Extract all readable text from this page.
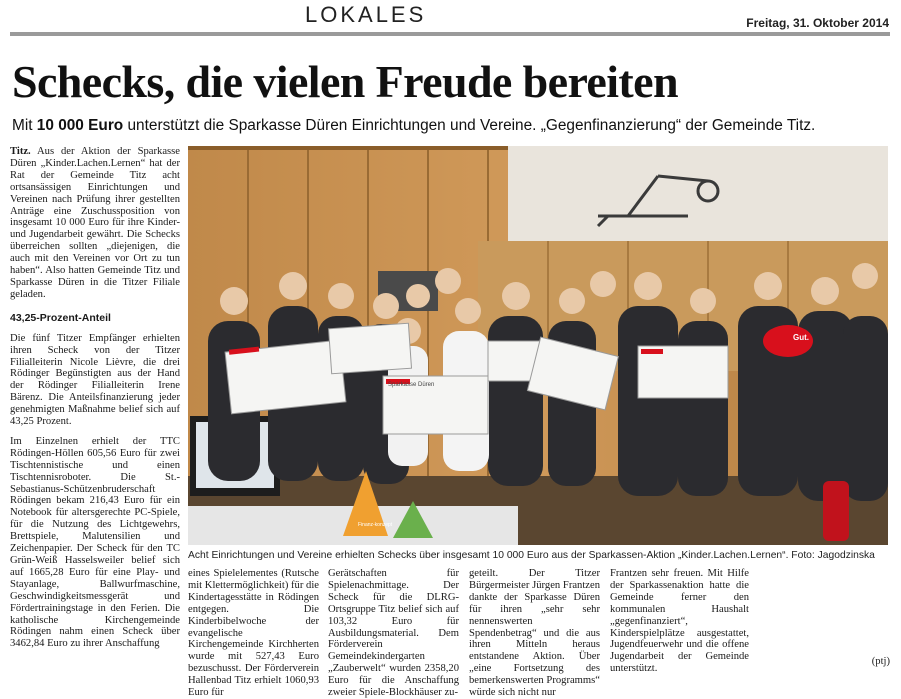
LOKALES	Freitag, 31. Oktober 2014
Schecks, die vielen Freude bereiten
Mit 10 000 Euro unterstützt die Sparkasse Düren Einrichtungen und Vereine. „Gegenfinanzierung“ der Gemeinde Titz.

Titz. Aus der Aktion der Sparkasse Düren „Kinder.Lachen.Lernen“ hat der Rat der Gemeinde Titz acht ortsansässigen Einrichtungen und Vereinen nach Prüfung ihrer gestellten Anträge eine Zuschussposition von insgesamt 10 000 Euro für ihre Kinder- und Jugendarbeit gewährt. Die Schecks überreichen sollten „diejenigen, die auch mit den Vereinen vor Ort zu tun haben“. Also hatten Gemeinde Titz und Sparkasse Düren in die Titzer Filiale geladen.

43,25-Prozent-Anteil

Die fünf Titzer Empfänger erhielten ihren Scheck von der Titzer Filialleiterin Nicole Lièvre, die drei Rödinger Begünstigten aus der Hand der Rödinger Filialleiterin Irene Bärenz. Die Anteilsfinanzierung jeder genehmigten Maßnahme belief sich auf 43,25 Prozent.

Im Einzelnen erhielt der TTC Rödingen-Höllen 605,56 Euro für zwei Tischtennistische und einen Tischtennisroboter. Die St.-Sebastianus-Schützenbruderschaft Rödingen bekam 216,43 Euro für ein Notebook für altersgerechte PC-Spiele, für die Nutzung des Lichtgewehrs, Brettspiele, Malutensilien und Zeichenpapier. Der Scheck für den TC Grün-Weiß Hasselsweiler belief sich auf 1665,28 Euro für eine Play- und Stayanlage, Ballwurfmaschine, Geschwindigkeitsmessgerät und Fördertrainingstage in den Ferien. Die katholische Kirchengemeinde Rödingen nahm einen Scheck über 3462,84 Euro zu ihrer Anschaffung

Sparkasse Düren
Gut.
Finanz-konzept
Acht Einrichtungen und Vereine erhielten Schecks über insgesamt 10 000 Euro aus der Sparkassen-Aktion „Kinder.Lachen.Lernen“. Foto: Jagodzinska
eines Spielelementes (Rutsche mit Klettermöglichkeit) für die Kindertagesstätte in Rödingen entgegen. Die Kinderbibelwoche der evangelische Kirchengemeinde Kirchherten wurde mit 527,43 Euro bezuschusst. Der Förderverein Hallenbad Titz erhielt 1060,93 Euro für
Gerätschaften für Spielenachmittage. Der Scheck für die DLRG-Ortsgruppe Titz belief sich auf 103,32 Euro für Ausbildungsmaterial. Dem Förderverein Gemeindekindergarten „Zauberwelt“ wurden 2358,20 Euro für die Anschaffung zweier Spiele-Blockhäuser zu-
geteilt. Der Titzer Bürgermeister Jürgen Frantzen dankte der Sparkasse Düren für ihren „sehr sehr nennenswerten Spendenbetrag“ und die aus ihren Mitteln heraus entstandene Aktion. Über „eine Fortsetzung des bemerkenswerten Programms“ würde sich nicht nur
Frantzen sehr freuen. Mit Hilfe der Sparkassenaktion hatte die Gemeinde ferner den kommunalen Haushalt „gegenfinanziert“, Kinderspielplätze ausgestattet, Jugendfeuerwehr und die offene Jugendarbeit der Gemeinde unterstützt.
(ptj)
